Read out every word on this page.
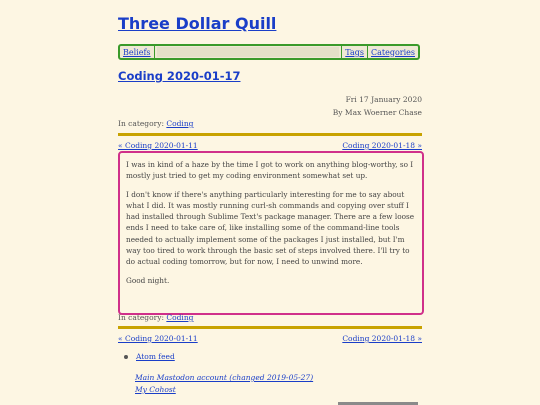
Three Dollar Quill
Beliefs	Tags Categories
Coding 2020-01-17
Fri 17 January 2020
By Max Woerner Chase
In category: Coding
« Coding 2020-01-11	Coding 2020-01-18 »

I was in kind of a haze by the time I got to work on anything blog-worthy, so I mostly just tried to get my coding environment somewhat set up.

I don't know if there's anything particularly interesting for me to say about what I did. It was mostly running curl-sh commands and copying over stuff I had installed through Sublime Text's package manager. There are a few loose ends I need to take care of, like installing some of the command-line tools needed to actually implement some of the packages I just installed, but I'm way too tired to work through the basic set of steps involved there. I'll try to do actual coding tomorrow, but for now, I need to unwind more.

Good night.

In category: Coding
« Coding 2020-01-11	Coding 2020-01-18 »
Atom feed
Main Mastodon account (changed 2019-05-27)
My Cohost
